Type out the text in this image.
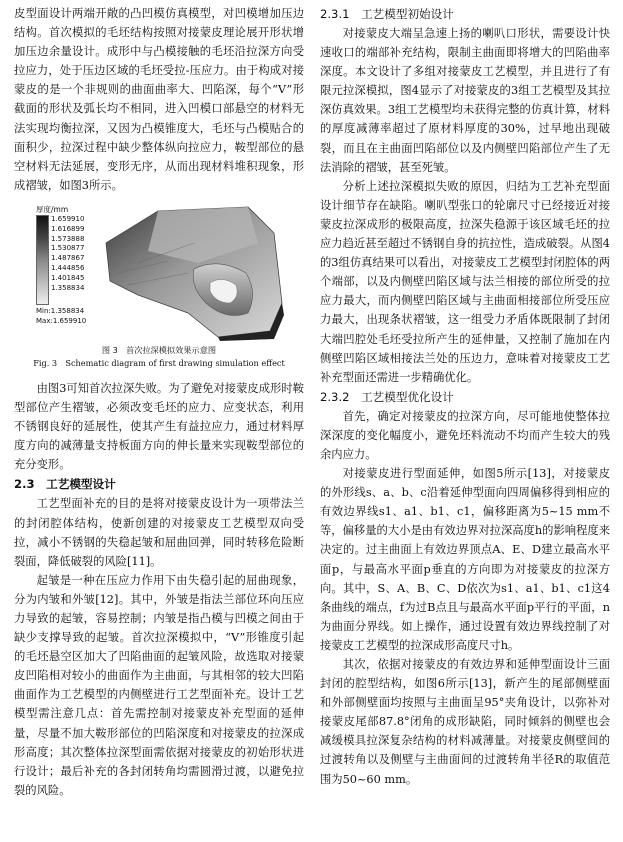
皮型面设计两端开敞的凸凹模仿真模型，对凹模增加压边结构。首次模拟的毛坯结构按照对接蒙皮理论展开形状增加压边余量设计。成形中与凸模接触的毛坯沿拉深方向受拉应力，处于压边区域的毛坯受拉-压应力。由于构成对接蒙皮的是一个非规则的曲面曲率大、凹陷深，每个“V”形截面的形状及弧长均不相同，进入凹模口部悬空的材料无法实现均衡拉深，又因为凸模锥度大，毛坯与凸模贴合的面积少，拉深过程中缺少整体纵向拉应力，鞍型部位的悬空材料无法延展，变形无序，从而出现材料堆积现象，形成褶皱，如图3所示。

厚度/mm
1.659910
1.616899
1.573888
1.530877
1.487867
1.444856
1.401845
1.358834
Min:1.358834
Max:1.659910
图 3　首次拉深模拟效果示意图
Fig. 3　Schematic diagram of first drawing simulation effect

由图3可知首次拉深失败。为了避免对接蒙皮成形时鞍型部位产生褶皱，必须改变毛坯的应力、应变状态，利用不锈钢良好的延展性，使其产生有益拉应力，通过材料厚度方向的减薄量支持板面方向的伸长量来实现鞍型部位的充分变形。

2.3　工艺模型设计

工艺型面补充的目的是将对接蒙皮设计为一项带法兰的封闭腔体结构，使新创建的对接蒙皮工艺模型双向受拉，减小不锈钢的失稳起皱和屈曲回弹，同时转移危险断裂面，降低破裂的风险[11]。

起皱是一种在压应力作用下由失稳引起的屈曲现象，分为内皱和外皱[12]。其中，外皱是指法兰部位环向压应力导致的起皱，容易控制；内皱是指凸模与凹模之间由于缺少支撑导致的起皱。首次拉深模拟中，“V”形锥度引起的毛坯悬空区加大了凹陷曲面的起皱风险，故选取对接蒙皮凹陷相对较小的曲面作为主曲面，与其相邻的较大凹陷曲面作为工艺模型的内侧壁进行工艺型面补充。设计工艺模型需注意几点：首先需控制对接蒙皮补充型面的延伸量，尽量不加大鞍形部位的凹陷深度和对接蒙皮的拉深成形高度；其次整体拉深型面需依据对接蒙皮的初始形状进行设计；最后补充的各封闭转角均需圆滑过渡，以避免拉裂的风险。

2.3.1　工艺模型初始设计

对接蒙皮大端呈急速上扬的喇叭口形状，需要设计快速收口的端部补充结构，限制主曲面即将增大的凹陷曲率深度。本文设计了多组对接蒙皮工艺模型，并且进行了有限元拉深模拟，图4显示了对接蒙皮的3组工艺模型及其拉深仿真效果。3组工艺模型均未获得完整的仿真计算，材料的厚度减薄率超过了原材料厚度的30%，过早地出现破裂，而且在主曲面凹陷部位以及内侧壁凹陷部位产生了无法消除的褶皱，甚至死皱。

分析上述拉深模拟失败的原因，归结为工艺补充型面设计细节存在缺陷。喇叭型张口的轮廓尺寸已经接近对接蒙皮拉深成形的极限高度，拉深失稳源于该区域毛坯的拉应力趋近甚至超过不锈钢自身的抗拉性，造成破裂。从图4的3组仿真结果可以看出，对接蒙皮工艺模型封闭腔体的两个端部，以及内侧壁凹陷区域与法兰相接的部位所受的拉应力最大，而内侧壁凹陷区域与主曲面相接部位所受压应力最大，出现条状褶皱，这一组受力矛盾体既限制了封闭大端凹腔处毛坯受拉所产生的延伸量，又控制了施加在内侧壁凹陷区域相接法兰处的压边力，意味着对接蒙皮工艺补充型面还需进一步精确优化。

2.3.2　工艺模型优化设计

首先，确定对接蒙皮的拉深方向，尽可能地使整体拉深深度的变化幅度小，避免坯料流动不均而产生较大的残余内应力。

对接蒙皮进行型面延伸，如图5所示[13]，对接蒙皮的外形线s、a、b、c沿着延伸型面向四周偏移得到相应的有效边界线s1、a1、b1、c1，偏移距离为5~15 mm不等，偏移量的大小是由有效边界对拉深高度h的影响程度来决定的。过主曲面上有效边界顶点A、E、D建立最高水平面p，与最高水平面p垂直的方向即为对接蒙皮的拉深方向。其中，S、A、B、C、D依次为s1、a1、b1、c1这4条曲线的端点，f为过B点且与最高水平面p平行的平面，n为曲面分界线。如上操作，通过设置有效边界线控制了对接蒙皮工艺模型的拉深成形高度尺寸h。

其次，依据对接蒙皮的有效边界和延伸型面设计三面封闭的腔型结构，如图6所示[13]，新产生的尾部侧壁面和外部侧壁面均按照与主曲面呈95°夹角设计，以弥补对接蒙皮尾部87.8°闭角的成形缺陷，同时倾斜的侧壁也会减缓模具拉深复杂结构的材料减薄量。对接蒙皮侧壁间的过渡转角以及侧壁与主曲面间的过渡转角半径R的取值范围为50~60 mm。
